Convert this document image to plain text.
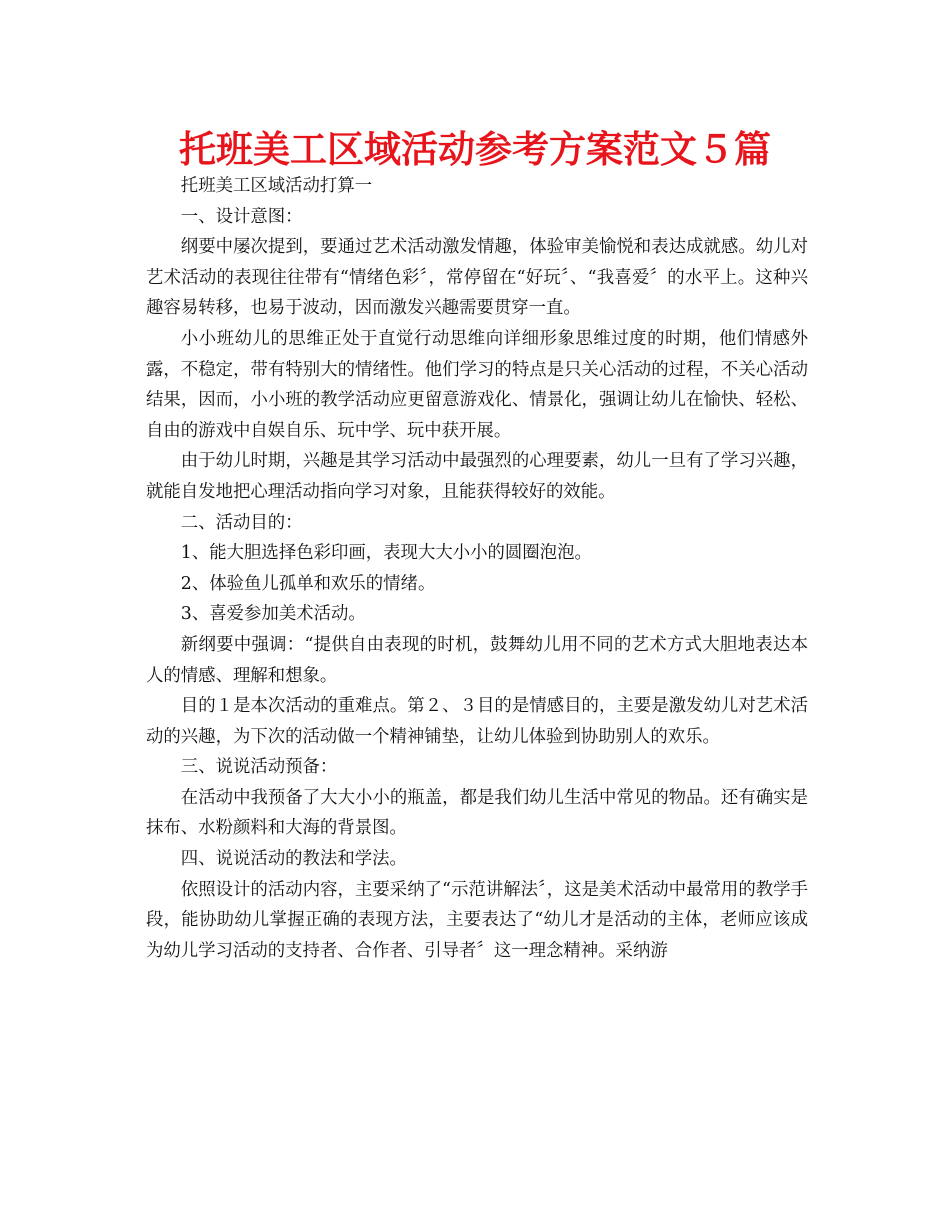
托班美工区域活动参考方案范文５篇

托班美工区域活动打算一

一、设计意图：

纲要中屡次提到，要通过艺术活动激发情趣，体验审美愉悦和表达成就感。幼儿对艺术活动的表现往往带有“情绪色彩〞，常停留在“好玩〞、“我喜爱〞的水平上。这种兴趣容易转移，也易于波动，因而激发兴趣需要贯穿一直。

小小班幼儿的思维正处于直觉行动思维向详细形象思维过度的时期，他们情感外露，不稳定，带有特别大的情绪性。他们学习的特点是只关心活动的过程，不关心活动结果，因而，小小班的教学活动应更留意游戏化、情景化，强调让幼儿在愉快、轻松、自由的游戏中自娱自乐、玩中学、玩中获开展。

由于幼儿时期，兴趣是其学习活动中最强烈的心理要素，幼儿一旦有了学习兴趣，就能自发地把心理活动指向学习对象，且能获得较好的效能。

二、活动目的：

1、能大胆选择色彩印画，表现大大小小的圆圈泡泡。

2、体验鱼儿孤单和欢乐的情绪。

3、喜爱参加美术活动。

新纲要中强调：“提供自由表现的时机，鼓舞幼儿用不同的艺术方式大胆地表达本人的情感、理解和想象。

目的１是本次活动的重难点。第２、３目的是情感目的，主要是激发幼儿对艺术活动的兴趣，为下次的活动做一个精神铺垫，让幼儿体验到协助别人的欢乐。

三、说说活动预备：

在活动中我预备了大大小小的瓶盖，都是我们幼儿生活中常见的物品。还有确实是抹布、水粉颜料和大海的背景图。

四、说说活动的教法和学法。

依照设计的活动内容，主要采纳了“示范讲解法〞，这是美术活动中最常用的教学手段，能协助幼儿掌握正确的表现方法，主要表达了“幼儿才是活动的主体，老师应该成为幼儿学习活动的支持者、合作者、引导者〞这一理念精神。采纳游
